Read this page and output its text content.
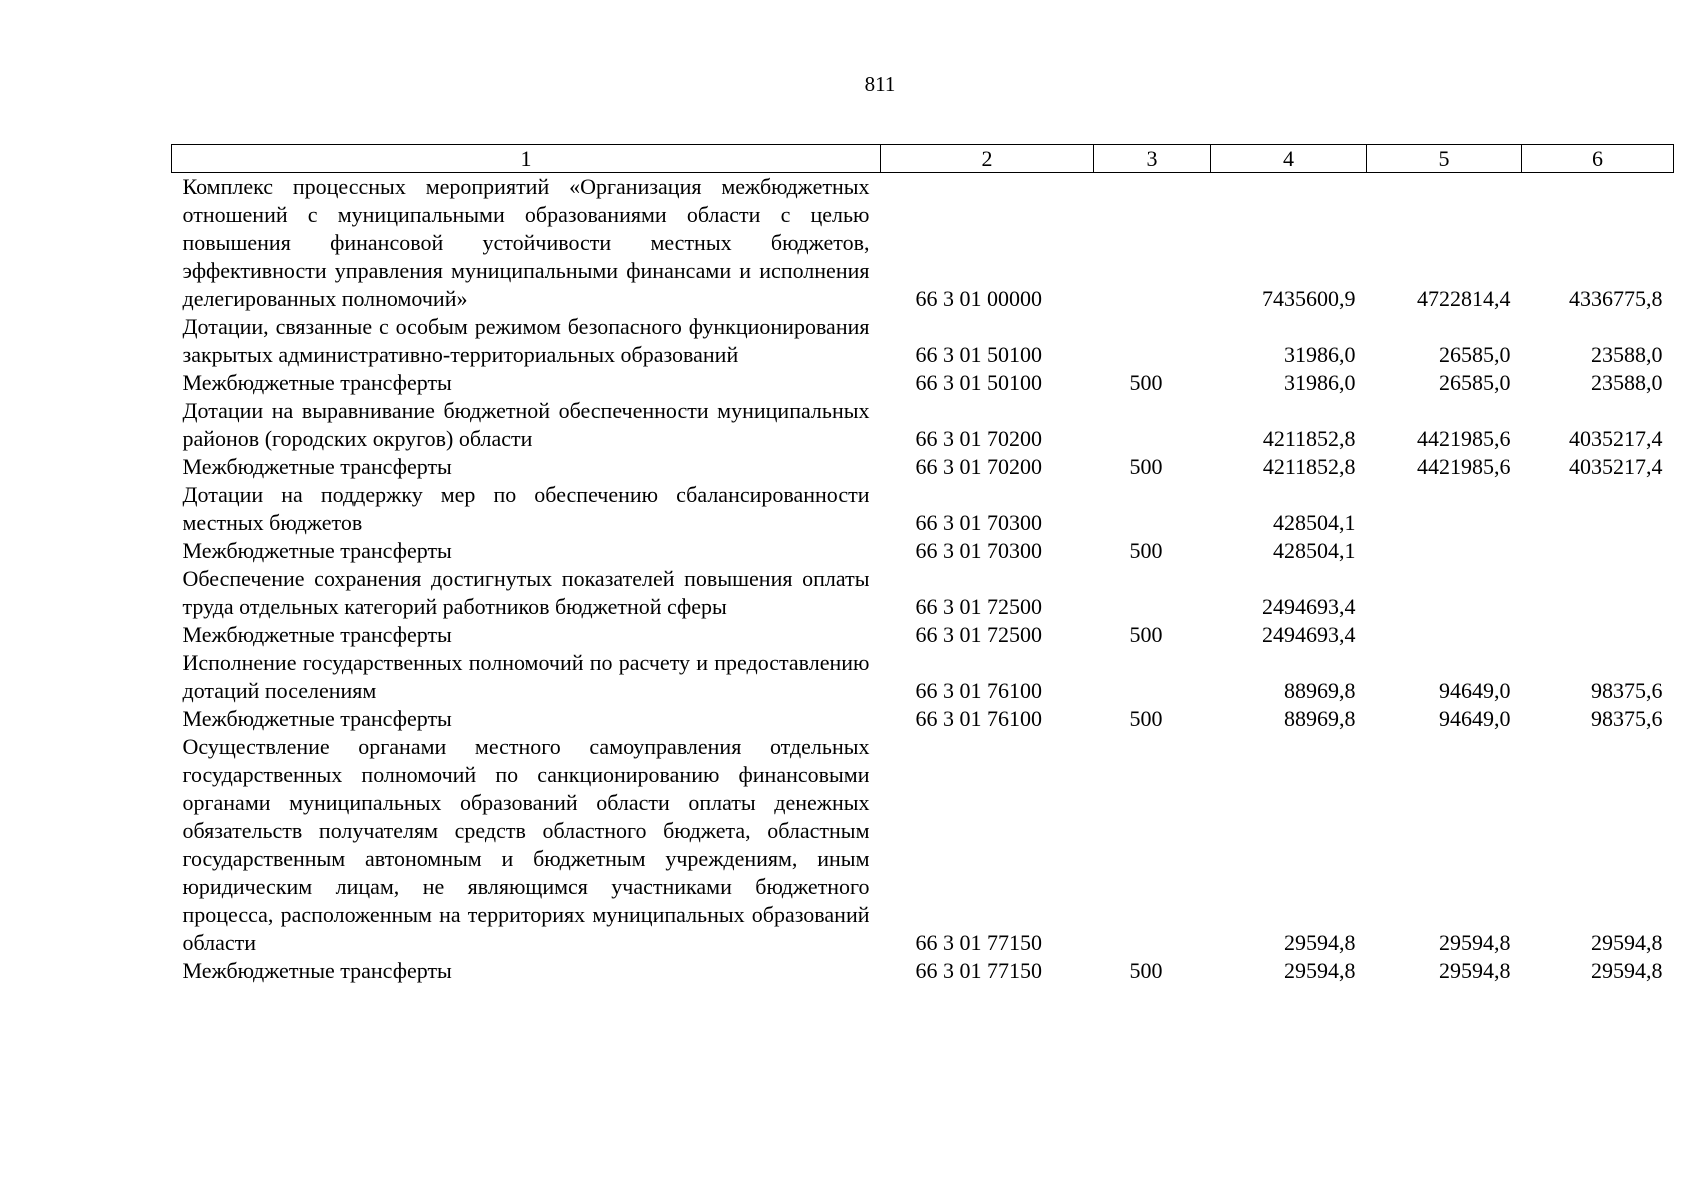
811
1	2	3	4	5	6
Комплекс процессных мероприятий «Организация межбюджетных отношений с муниципальными образованиями области с целью повышения финансовой устойчивости местных бюджетов, эффективности управления муниципальными финансами и исполнения делегированных полномочий»	66 3 01 00000		7435600,9	4722814,4	4336775,8
Дотации, связанные с особым режимом безопасного функционирования закрытых административно-территориальных образований	66 3 01 50100		31986,0	26585,0	23588,0
Межбюджетные трансферты	66 3 01 50100	500	31986,0	26585,0	23588,0
Дотации на выравнивание бюджетной обеспеченности муниципальных районов (городских округов) области	66 3 01 70200		4211852,8	4421985,6	4035217,4
Межбюджетные трансферты	66 3 01 70200	500	4211852,8	4421985,6	4035217,4
Дотации на поддержку мер по обеспечению сбалансированности местных бюджетов	66 3 01 70300		428504,1		
Межбюджетные трансферты	66 3 01 70300	500	428504,1		
Обеспечение сохранения достигнутых показателей повышения оплаты труда отдельных категорий работников бюджетной сферы	66 3 01 72500		2494693,4		
Межбюджетные трансферты	66 3 01 72500	500	2494693,4		
Исполнение государственных полномочий по расчету и предоставлению дотаций поселениям	66 3 01 76100		88969,8	94649,0	98375,6
Межбюджетные трансферты	66 3 01 76100	500	88969,8	94649,0	98375,6
Осуществление органами местного самоуправления отдельных государственных полномочий по санкционированию финансовыми органами муниципальных образований области оплаты денежных обязательств получателям средств областного бюджета, областным государственным автономным и бюджетным учреждениям, иным юридическим лицам, не являющимся участниками бюджетного процесса, расположенным на территориях муниципальных образований области	66 3 01 77150		29594,8	29594,8	29594,8
Межбюджетные трансферты	66 3 01 77150	500	29594,8	29594,8	29594,8
